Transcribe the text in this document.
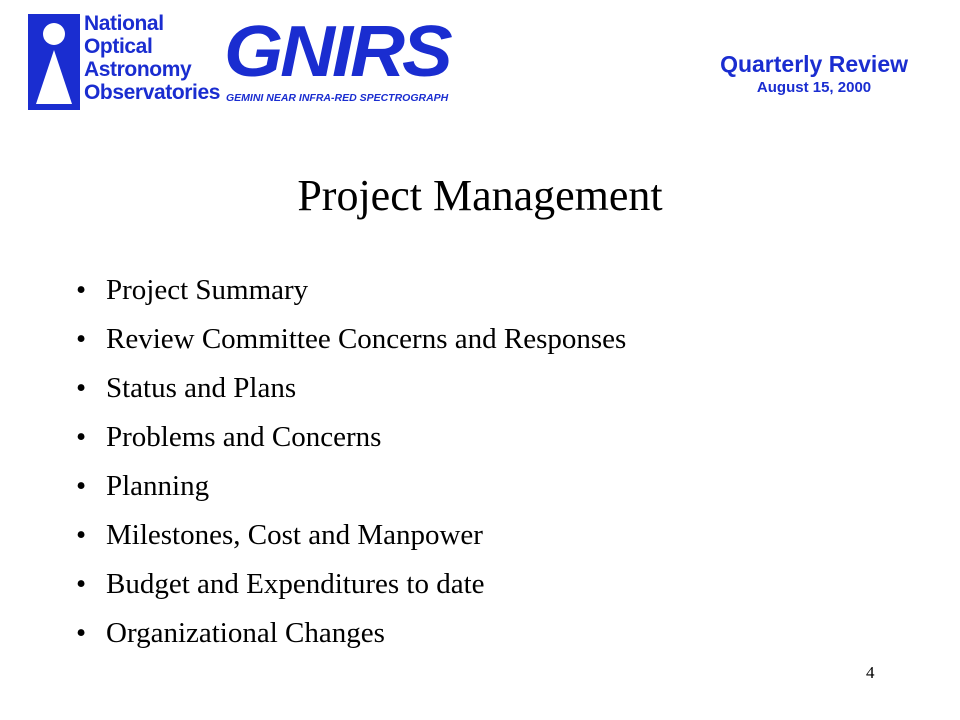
National
Optical
Astronomy
Observatories
GNIRS
GEMINI NEAR INFRA-RED SPECTROGRAPH
Quarterly Review
August 15, 2000
Project Management
• Project Summary
• Review Committee Concerns and Responses
• Status and Plans
• Problems and Concerns
• Planning
• Milestones, Cost and Manpower
• Budget and Expenditures to date
• Organizational Changes
4
